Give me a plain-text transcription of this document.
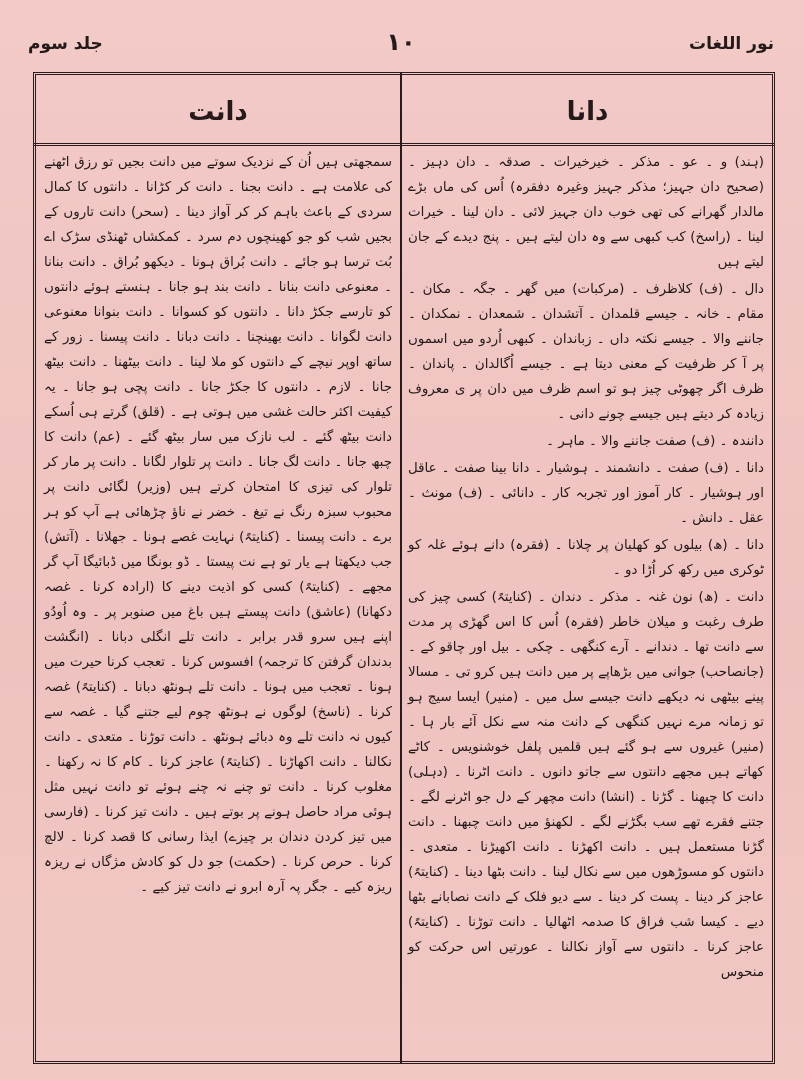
نور اللغات
۱۰
جلد سوم
دانا
دانت

(ہند) و ۔ عو ۔ مذکر ۔ خیرخیرات ۔ صدقہ ۔ دان دہیز ۔ (صحیح دان جہیز؛ مذکر جہیز وغیرہ دفقرہ) اُس کی ماں بڑے مالدار گھرانے کی تھی خوب دان جہیز لائی ۔ دان لینا ۔ خیرات لینا ۔ (راسخ) کب کبھی سے وہ دان لیتے ہیں ۔ پنج دیدے کے جان لیتے ہیں

دال ۔ (ف) کلاظرف ۔ (مرکبات) میں گھر ۔ جگہ ۔ مکان ۔ مقام ۔ خانہ ۔ جیسے قلمدان ۔ آتشدان ۔ شمعدان ۔ نمکدان ۔ جاننے والا ۔ جیسے نکتہ داں ۔ زباندان ۔ کبھی اُردو میں اسموں پر آ کر ظرفیت کے معنی دیتا ہے ۔ جیسے اُگالدان ۔ پاندان ۔ ظرف اگر چھوٹی چیز ہو تو اسم ظرف میں دان پر ی معروف زیادہ کر دیتے ہیں جیسے چونے دانی ۔

دانندہ ۔ (ف) صفت جاننے والا ۔ ماہر ۔

دانا ۔ (ف) صفت ۔ دانشمند ۔ ہوشیار ۔ دانا بینا صفت ۔ عاقل اور ہوشیار ۔ کار آموز اور تجربہ کار ۔ دانائی ۔ (ف) مونث ۔ عقل ۔ دانش ۔

دانا ۔ (ھ) بیلوں کو کھلیان پر چلانا ۔ (فقرہ) دانے ہوئے غلہ کو ٹوکری میں رکھ کر اُڑا دو ۔

دانت ۔ (ھ) نون غنہ ۔ مذکر ۔ دندان ۔ (کنایتہً) کسی چیز کی طرف رغبت و میلان خاطر (فقرہ) اُس کا اس گھڑی پر مدت سے دانت تھا ۔ دندانے ۔ آرے کنگھی ۔ چکی ۔ بیل اور چاقو کے ۔ (جانصاحب) جوانی میں بڑھاپے پر میں دانت ہیں کرو تی ۔ مسالا پینے بیٹھی نہ دیکھے دانت جیسے سل میں ۔ (منیر) ایسا سیج ہو تو زمانہ مرے نہیں کنگھی کے دانت منہ سے نکل آئے بار ہا ۔ (منیر) غیروں سے ہو گئے ہیں قلمیں پلفل خوشنویس ۔ کاٹے کھاتے ہیں مجھے دانتوں سے جاتو دانوں ۔ دانت اٹرنا ۔ (دہلی) دانت کا چبھنا ۔ گڑنا ۔ (انشا) دانت مچھر کے دل جو اٹرنے لگے ۔ جتنے فقرے تھے سب بگڑنے لگے ۔ لکھنؤ میں دانت چبھنا ۔ دانت گڑنا مستعمل ہیں ۔ دانت اکھڑنا ۔ دانت اکھیڑنا ۔ متعدی ۔ دانتوں کو مسوڑھوں میں سے نکال لینا ۔ دانت بٹھا دینا ۔ (کنایتہً) عاجز کر دینا ۔ پست کر دینا ۔ سے دیو فلک کے دانت نصابانے بٹھا دیے ۔ کیسا شب فراق کا صدمہ اٹھالیا ۔ دانت توڑنا ۔ (کنایتہً) عاجز کرنا ۔ دانتوں سے آواز نکالنا ۔ عورتیں اس حرکت کو منحوس

سمجھتی ہیں اُن کے نزدیک سوتے میں دانت بجیں تو رزق اٹھنے کی علامت ہے ۔ دانت بجنا ۔ دانت کر کڑانا ۔ دانتوں کا کمال سردی کے باعث باہم کر کر آواز دینا ۔ (سحر) دانت تاروں کے بجیں شب کو جو کھینچوں دم سرد ۔ کمکشاں ٹھنڈی سڑک اے بُت ترسا ہو جائے ۔ دانت بُراق ہونا ۔ دیکھو بُراق ۔ دانت بنانا ۔ معنوعی دانت بنانا ۔ دانت بند ہو جانا ۔ ہنستے ہوئے دانتوں کو تارسے جکڑ دانا ۔ دانتوں کو کسوانا ۔ دانت بنوانا معنوعی دانت لگوانا ۔ دانت بھینچنا ۔ دانت دبانا ۔ دانت پیسنا ۔ زور کے ساتھ اوپر نیچے کے دانتوں کو ملا لینا ۔ دانت بیٹھنا ۔ دانت بیٹھ جانا ۔ لازم ۔ دانتوں کا جکڑ جانا ۔ دانت پچی ہو جانا ۔ یہ کیفیت اکثر حالت غشی میں ہوتی ہے ۔ (قلق) گرتے ہی اُسکے دانت بیٹھ گئے ۔ لب نازک میں سار بیٹھ گئے ۔ (عم) دانت کا چبھ جانا ۔ دانت لگ جانا ۔ دانت پر تلوار لگانا ۔ دانت پر مار کر تلوار کی تیزی کا امتحان کرتے ہیں (وزیر) لگائی دانت پر محبوب سبزہ رنگ نے تیغ ۔ خضر نے ناؤ چڑھائی ہے آپ کو ہر برے ۔ دانت پیسنا ۔ (کنایتہً) نہایت غصے ہونا ۔ جھلانا ۔ (آتش) جب دیکھتا ہے یار تو ہے نت پیستا ۔ ڈو بونگا میں ڈبائیگا آپ گر مجھے ۔ (کنایتہً) کسی کو اذیت دینے کا (ارادہ کرنا ۔ غصہ دکھانا) (عاشق) دانت پیستے ہیں باغ میں صنوبر پر ۔ وہ اُودُو اپنے ہیں سرو قدر برابر ۔ دانت تلے انگلی دبانا ۔ (انگشت بدندان گرفتن کا ترجمہ) افسوس کرنا ۔ تعجب کرنا حیرت میں ہونا ۔ تعجب میں ہونا ۔ دانت تلے ہونٹھ دبانا ۔ (کنایتہً) غصہ کرنا ۔ (ناسخ) لوگوں نے ہونٹھ چوم لیے جتنے گیا ۔ غصہ سے کیوں نہ دانت تلے وہ دبائے ہونٹھ ۔ دانت توڑنا ۔ متعدی ۔ دانت نکالنا ۔ دانت اکھاڑنا ۔ (کنایتہً) عاجز کرنا ۔ کام کا نہ رکھنا ۔ مغلوب کرنا ۔ دانت تو چنے نہ چنے ہوئے تو دانت نہیں مثل ہوئی مراد حاصل ہونے پر بوتے ہیں ۔ دانت تیز کرنا ۔ (فارسی میں تیز کردن دندان بر چیزے) ایذا رسانی کا قصد کرنا ۔ لالچ کرنا ۔ حرص کرنا ۔ (حکمت) جو دل کو کادش مژگاں نے ریزہ ریزہ کیے ۔ جگر پہ آرہ ابرو نے دانت تیز کیے ۔
